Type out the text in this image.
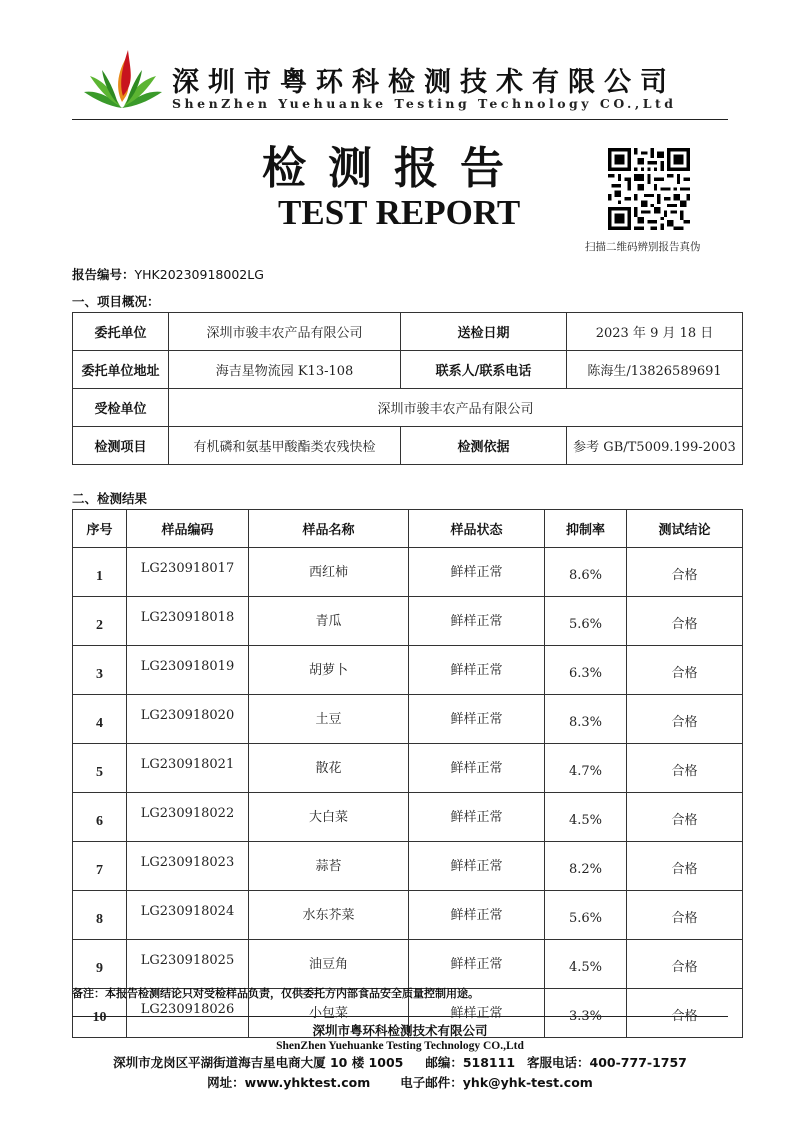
深圳市粤环科检测技术有限公司
ShenZhen Yuehuanke Testing Technology CO.,Ltd
检测报告
TEST REPORT
扫描二维码辨别报告真伪
报告编号：YHK20230918002LG
一、项目概况：
委托单位	深圳市骏丰农产品有限公司	送检日期	2023 年 9 月 18 日
委托单位地址	海吉星物流园 K13-108	联系人/联系电话	陈海生/13826589691
受检单位	深圳市骏丰农产品有限公司		
检测项目	有机磷和氨基甲酸酯类农残快检	检测依据	参考 GB/T5009.199-2003
二、检测结果
序号	样品编码	样品名称	样品状态	抑制率	测试结论
1	LG230918017	西红柿	鲜样正常	8.6%	合格
2	LG230918018	青瓜	鲜样正常	5.6%	合格
3	LG230918019	胡萝卜	鲜样正常	6.3%	合格
4	LG230918020	土豆	鲜样正常	8.3%	合格
5	LG230918021	散花	鲜样正常	4.7%	合格
6	LG230918022	大白菜	鲜样正常	4.5%	合格
7	LG230918023	蒜苔	鲜样正常	8.2%	合格
8	LG230918024	水东芥菜	鲜样正常	5.6%	合格
9	LG230918025	油豆角	鲜样正常	4.5%	合格
10	LG230918026	小包菜	鲜样正常	3.3%	合格
备注：本报告检测结论只对受检样品负责，仅供委托方内部食品安全质量控制用途。
深圳市粤环科检测技术有限公司
ShenZhen Yuehuanke Testing Technology CO.,Ltd
深圳市龙岗区平湖街道海吉星电商大厦 10 楼 1005 邮编：518111 客服电话：400-777-1757
网址：www.yhktest.com 电子邮件：yhk@yhk-test.com
